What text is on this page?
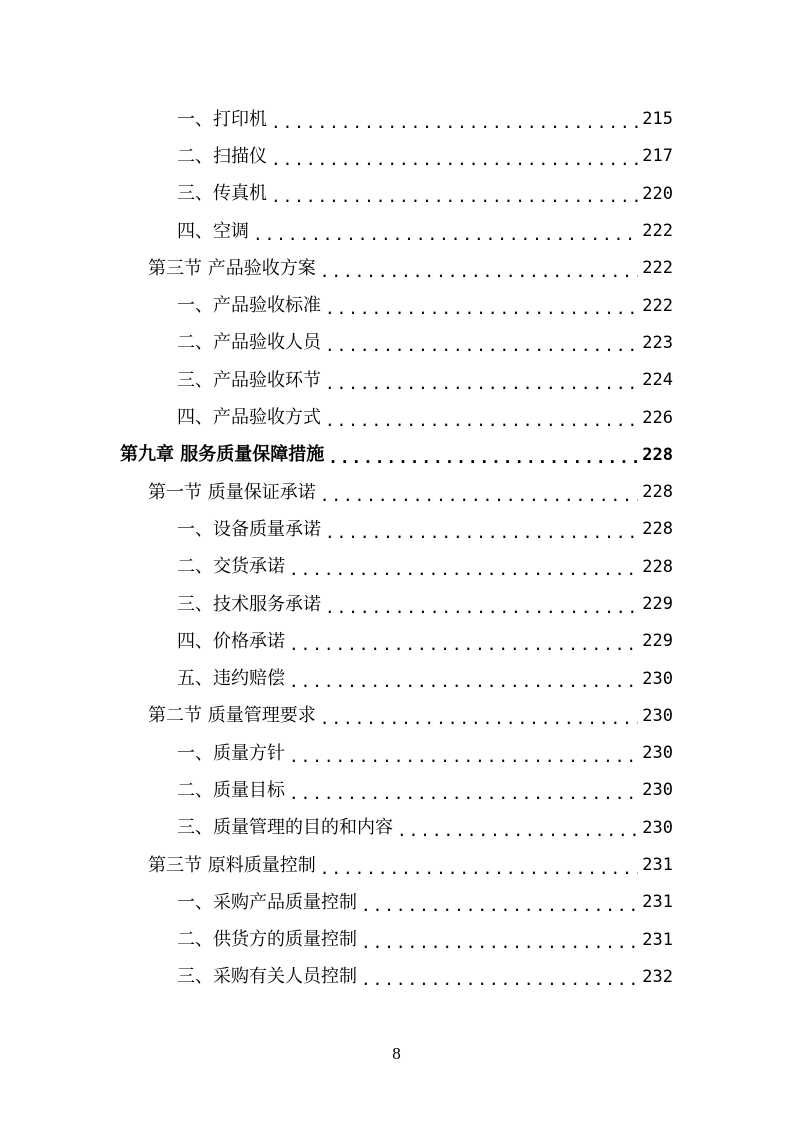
一、打印机 .....	215
二、扫描仪 .....	217
三、传真机 .....	220
四、空调 .....	222
第三节 产品验收方案 .....	222
一、产品验收标准 .....	222
二、产品验收人员 .....	223
三、产品验收环节 .....	224
四、产品验收方式 .....	226
第九章 服务质量保障措施 .....	228
第一节 质量保证承诺 .....	228
一、设备质量承诺 .....	228
二、交货承诺 .....	228
三、技术服务承诺 .....	229
四、价格承诺 .....	229
五、违约赔偿 .....	230
第二节 质量管理要求 .....	230
一、质量方针 .....	230
二、质量目标 .....	230
三、质量管理的目的和内容 .....	230
第三节 原料质量控制 .....	231
一、采购产品质量控制 .....	231
二、供货方的质量控制 .....	231
三、采购有关人员控制 .....	232
8
